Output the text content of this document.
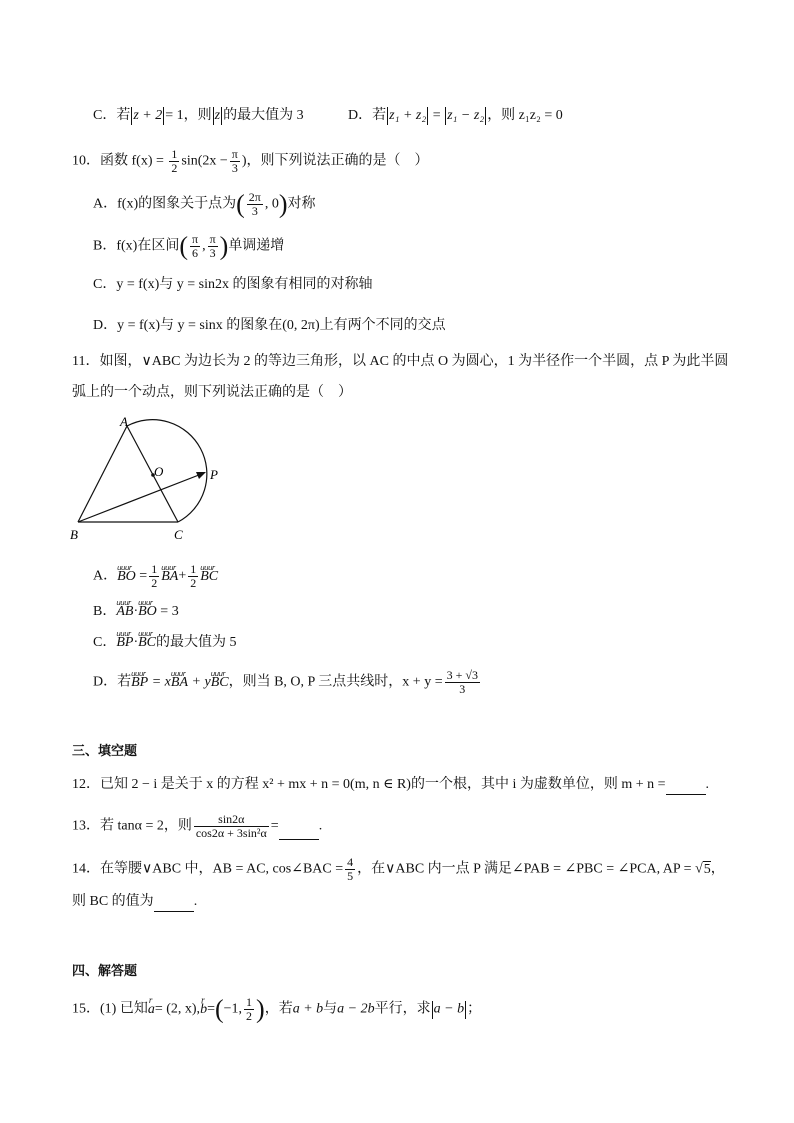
C．若 z + 2 = 1，则 z 的最大值为 3	D．若 z₁ + z₂ = z₁ − z₂ ，则 z₁z₂ = 0
10．函数 $f(x) = \frac{1}{2} \sin(2x - \frac{\pi}{3}$ )，则下列说法正确的是（　）
A．f(x)的图象关于点为( $\frac{2\pi}{3}$ , 0)对称
B．f(x)在区间( $\frac{\pi}{6}$ , $\frac{\pi}{3}$ )单调递增
C．y = f(x)与 y = sin2x 的图象有相同的对称轴
D．y = f(x)与 y = sinx 的图象在(0, 2π)上有两个不同的交点
11．如图，∨ABC 为边长为 2 的等边三角形，以 AC 的中点 O 为圆心，1 为半径作一个半圆，点 P 为此半圆
弧上的一个动点，则下列说法正确的是（　）
A
B	C
O	P
A．uuur BO = $\frac{1}{2}$ uuur $BA+ \frac{1}{2}$ uuur BC
B．uuur AB·uuur BO = 3
C．uuur BP·uuur BC的最大值为 5
D．若uuur BP = xuuur BA + yuuur BC，则当 B, O, P 三点共线时，$x + y = \frac{3 + √3}{3}$
三、填空题
12．已知 2 − i 是关于 x 的方程 x² + mx + n = 0(m, n ∈ R)的一个根，其中 i 为虚数单位，则 m + n =	.
13．若 tanα = 2，则 $\frac{\sin 2\alpha}{\text{cos2α + 3sin²α}}$ =	.
14．在等腰∨ABC 中，AB = AC, cos∠BAC = $\frac{4}{5}$ ，在∨ABC 内一点 P 满足∠PAB = ∠PBC = ∠PCA, AP = √5，
则 BC 的值为	.
四、解答题
15．(1) 已知r a= (2, x),r b=(−1, $\frac{1}{2}$ )，若a + b与a − 2b平行，求 a − b ；
